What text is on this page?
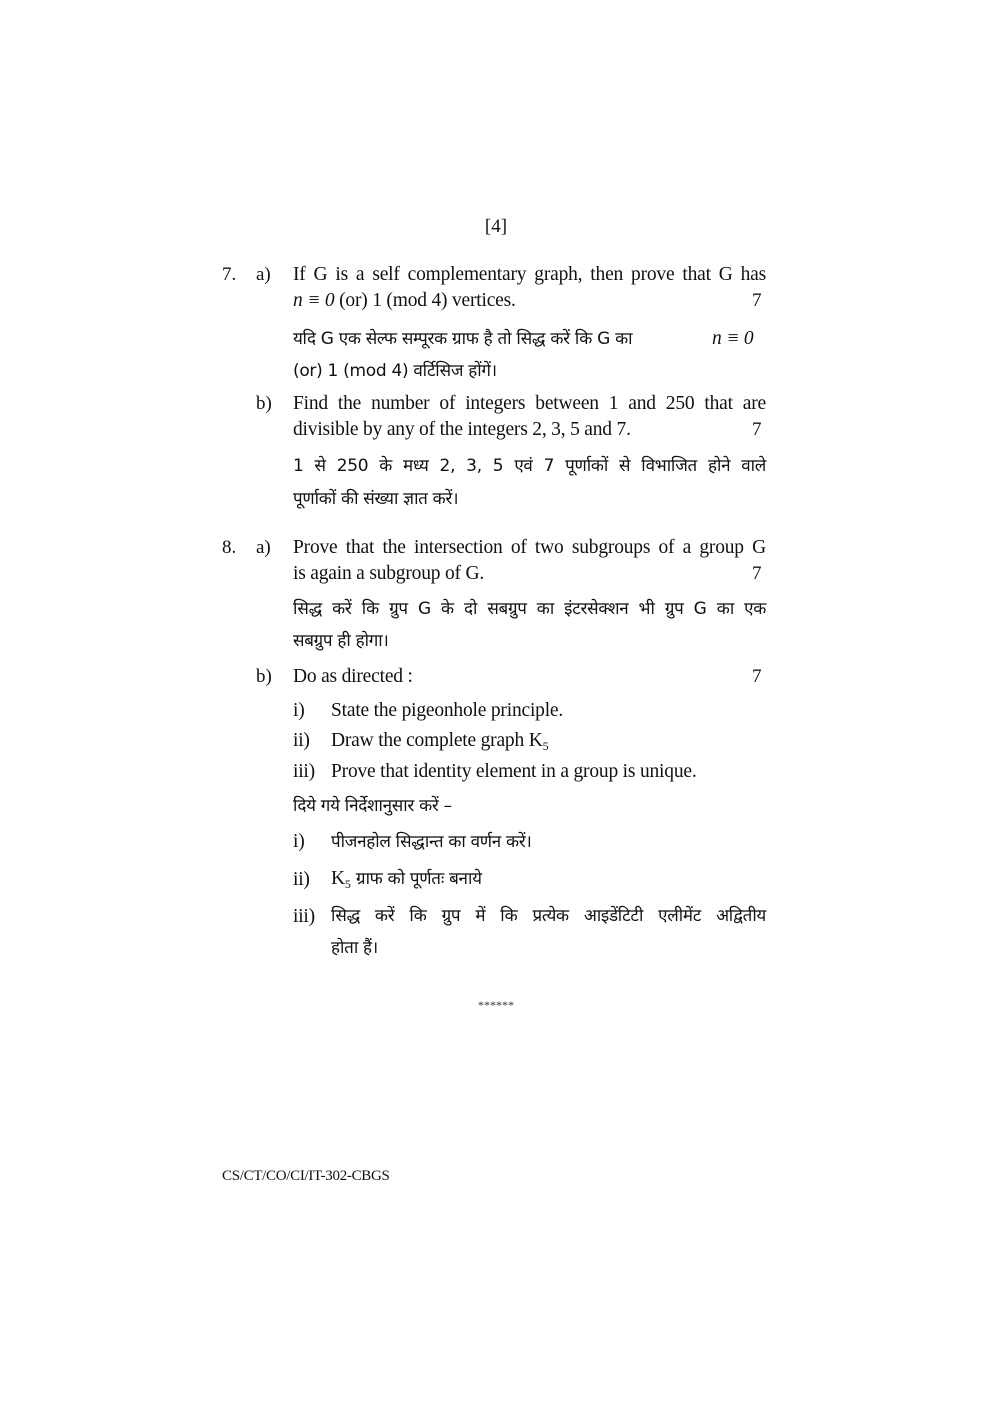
[4]
7. a) If G is a self complementary graph, then prove that G has
n ≡ 0 (or) 1 (mod 4) vertices.	7
यदि G एक सेल्फ सम्पूरक ग्राफ है तो सिद्ध करें कि G का	n ≡ 0
(or) 1 (mod 4) वर्टिसिज होंगें।
b) Find the number of integers between 1 and 250 that are
divisible by any of the integers 2, 3, 5 and 7.	7
1 से 250 के मध्य 2, 3, 5 एवं 7 पूर्णाकों से विभाजित होने वाले
पूर्णाकों की संख्या ज्ञात करें।
8. a) Prove that the intersection of two subgroups of a group G
is again a subgroup of G.	7
सिद्ध करें कि ग्रुप G के दो सबग्रुप का इंटरसेक्शन भी ग्रुप G का एक
सबग्रुप ही होगा।
b) Do as directed :	7
i) State the pigeonhole principle.
ii) Draw the complete graph $K_5$
iii) Prove that identity element in a group is unique.
दिये गये निर्देशानुसार करें –
i) पीजनहोल सिद्धान्त का वर्णन करें।
ii) $K_5$ ग्राफ को पूर्णतः बनाये
iii) सिद्ध करें कि ग्रुप में कि प्रत्येक आइडेंटिटी एलीमेंट अद्वितीय
होता हैं।
******
CS/CT/CO/CI/IT-302-CBGS
